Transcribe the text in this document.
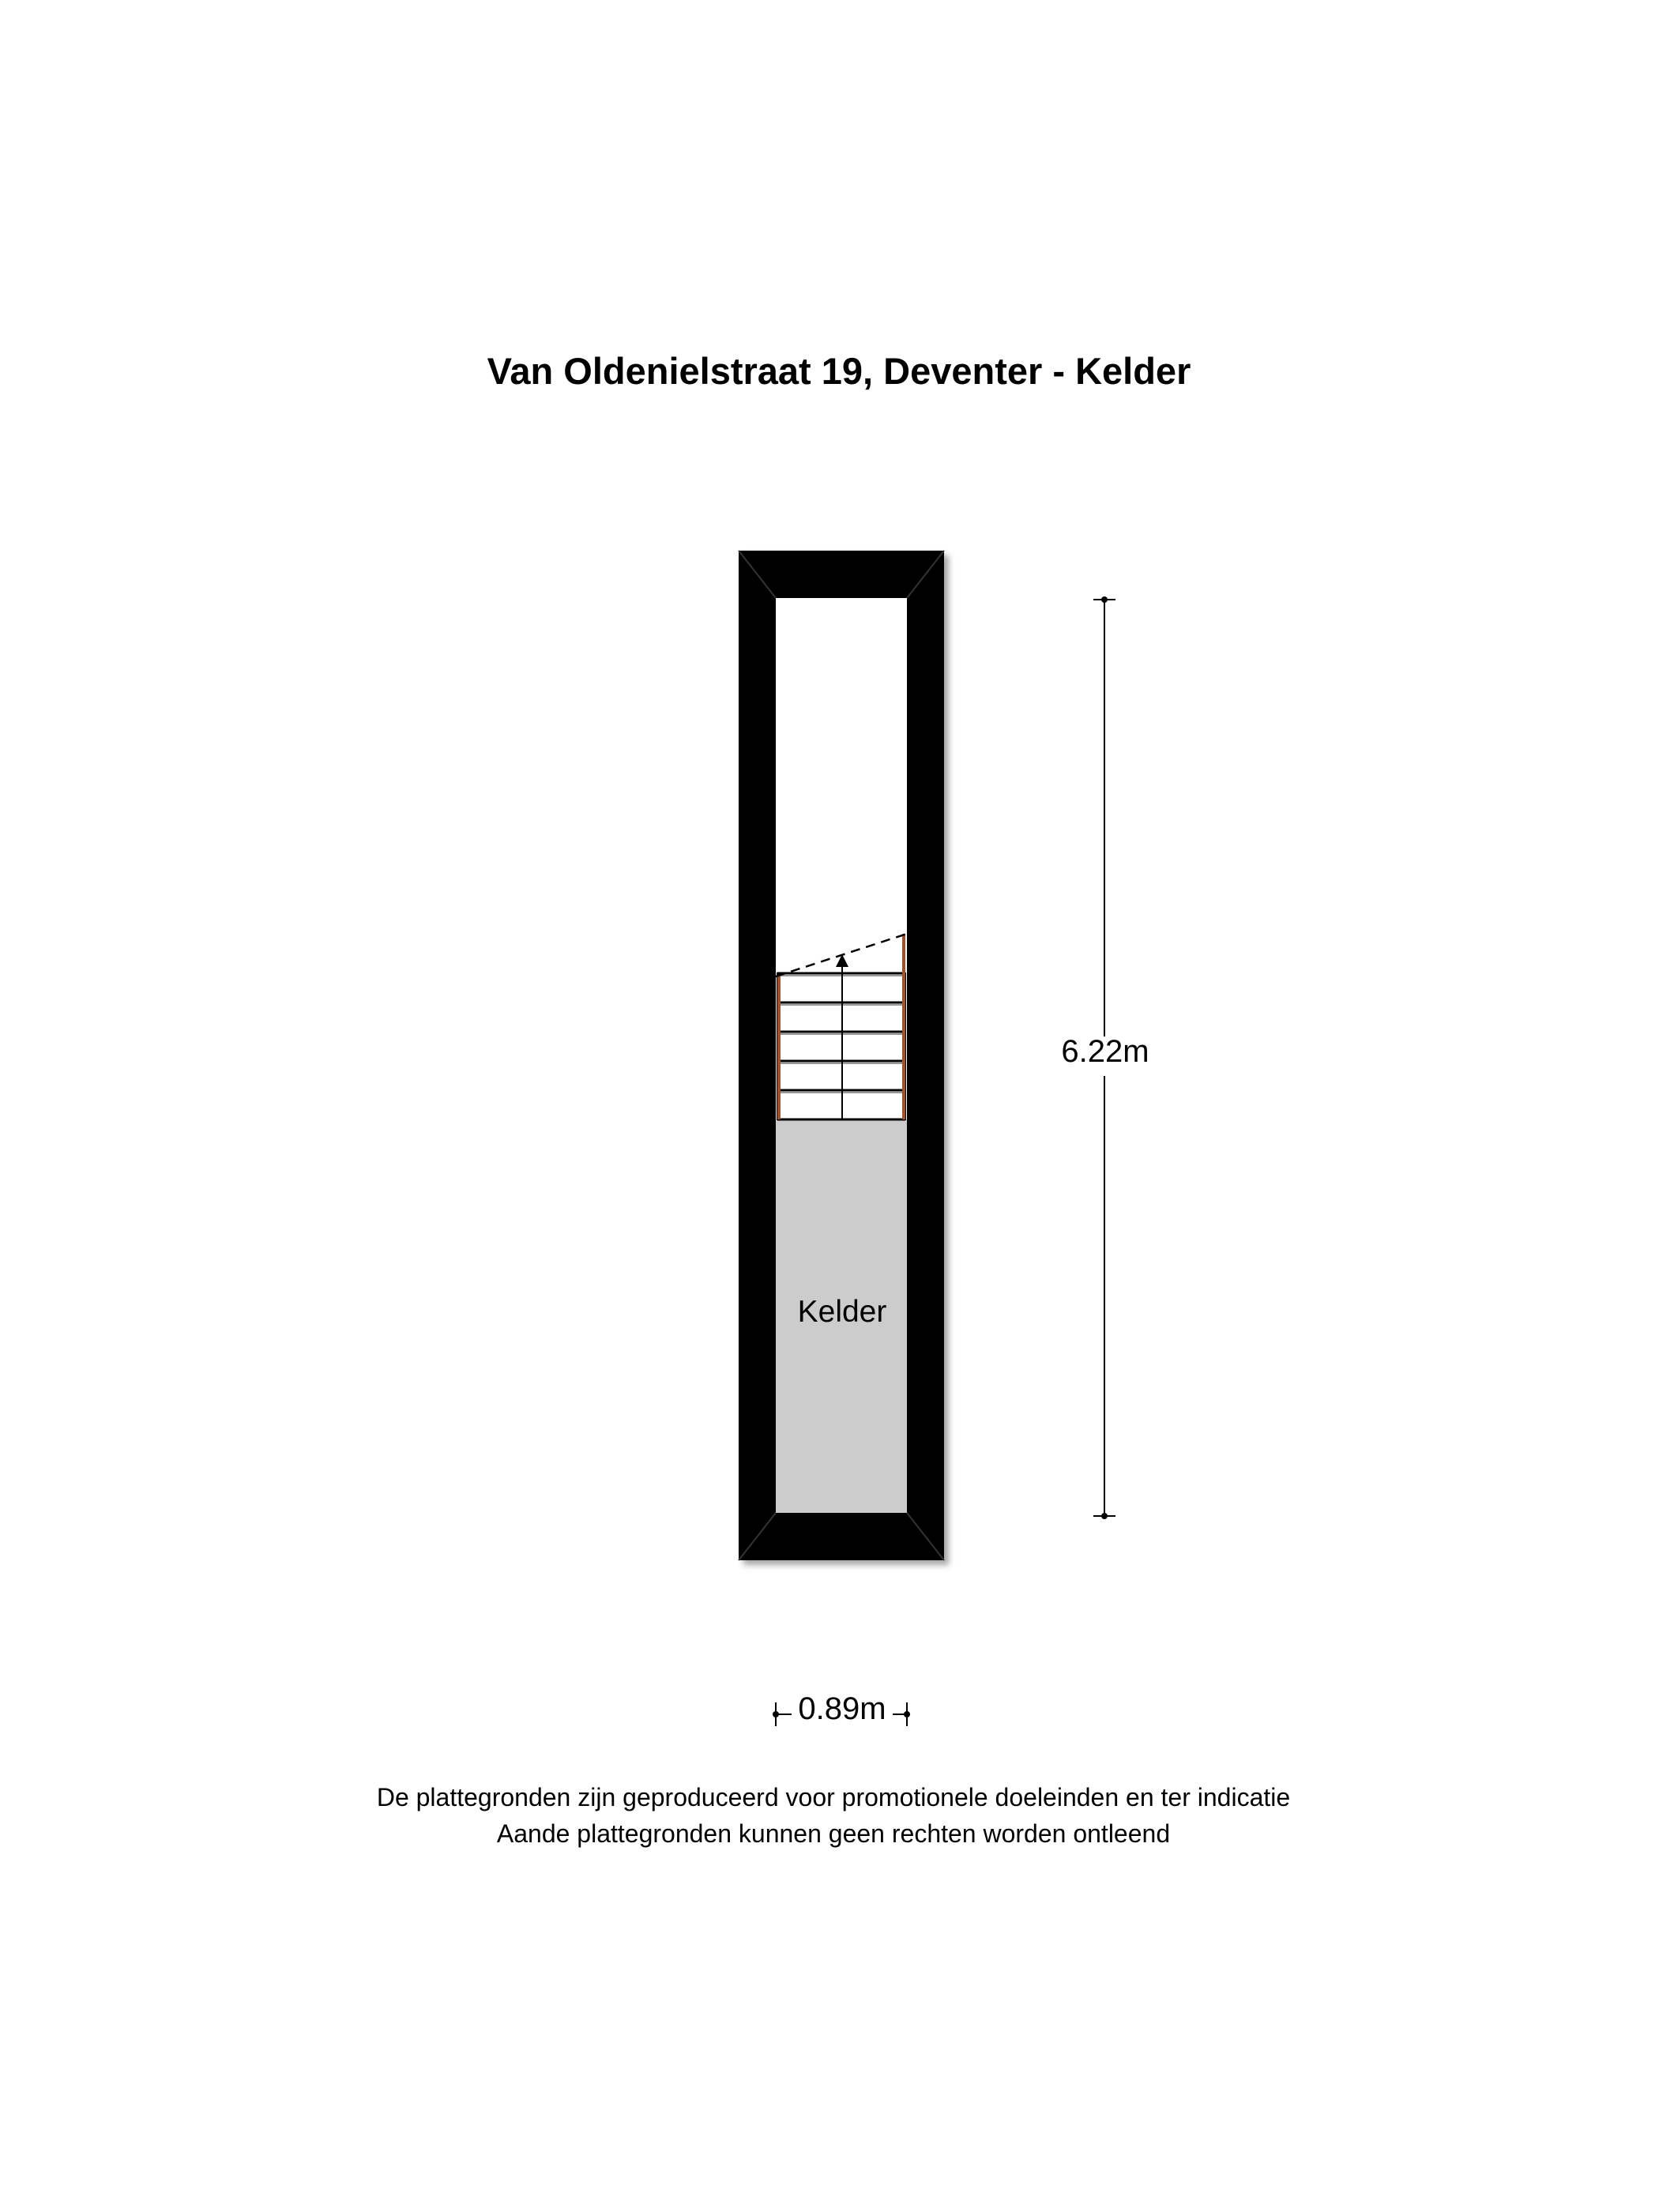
Van Oldenielstraat 19, Deventer - Kelder
Kelder
6.22m
0.89m
De plattegronden zijn geproduceerd voor promotionele doeleinden en ter indicatie
Aande plattegronden kunnen geen rechten worden ontleend
